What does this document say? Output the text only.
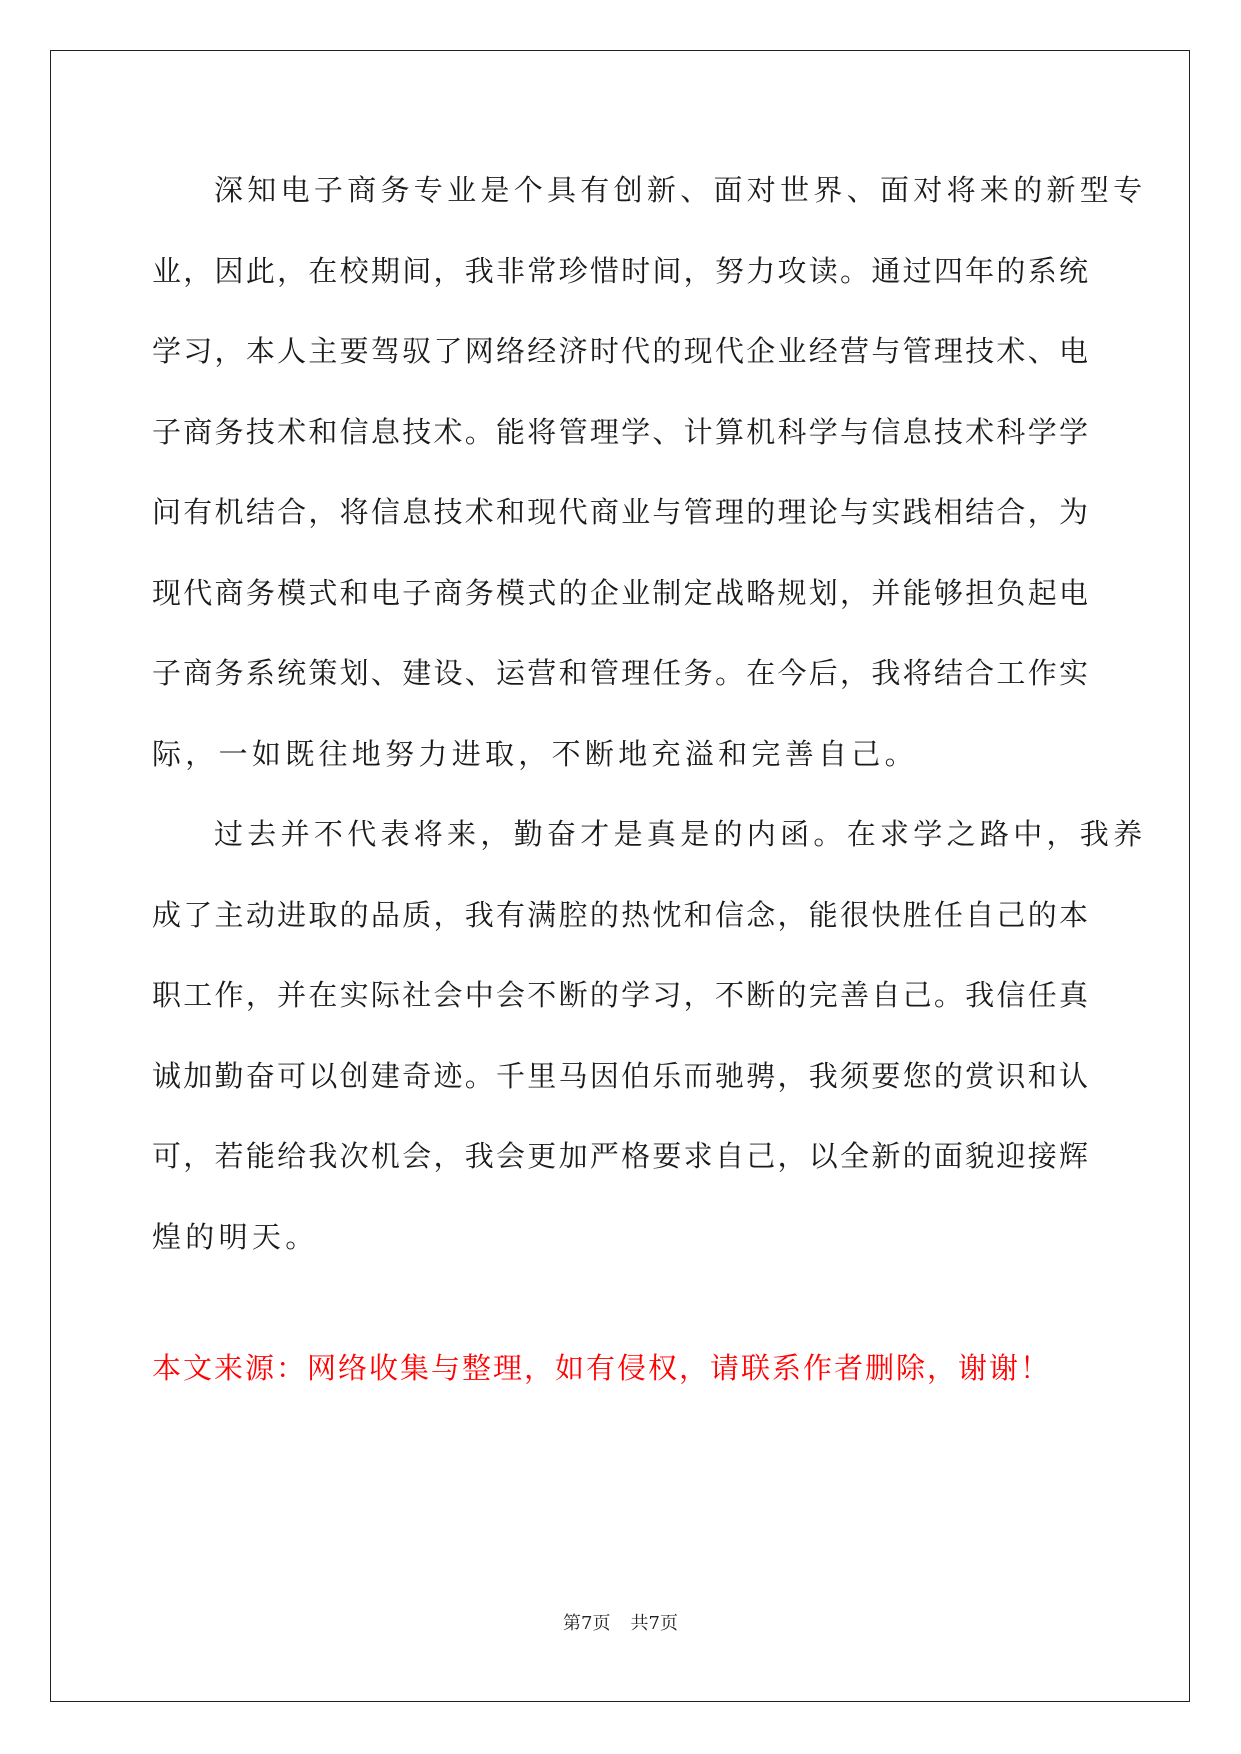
深知电子商务专业是个具有创新、面对世界、面对将来的新型专
业，因此，在校期间，我非常珍惜时间，努力攻读。通过四年的系统
学习，本人主要驾驭了网络经济时代的现代企业经营与管理技术、电
子商务技术和信息技术。能将管理学、计算机科学与信息技术科学学
问有机结合，将信息技术和现代商业与管理的理论与实践相结合，为
现代商务模式和电子商务模式的企业制定战略规划，并能够担负起电
子商务系统策划、建设、运营和管理任务。在今后，我将结合工作实
际，一如既往地努力进取，不断地充溢和完善自己。
过去并不代表将来，勤奋才是真是的内函。在求学之路中，我养
成了主动进取的品质，我有满腔的热忱和信念，能很快胜任自己的本
职工作，并在实际社会中会不断的学习，不断的完善自己。我信任真
诚加勤奋可以创建奇迹。千里马因伯乐而驰骋，我须要您的赏识和认
可，若能给我次机会，我会更加严格要求自己，以全新的面貌迎接辉
煌的明天。
本文来源：网络收集与整理，如有侵权，请联系作者删除，谢谢！
第7页 共7页
